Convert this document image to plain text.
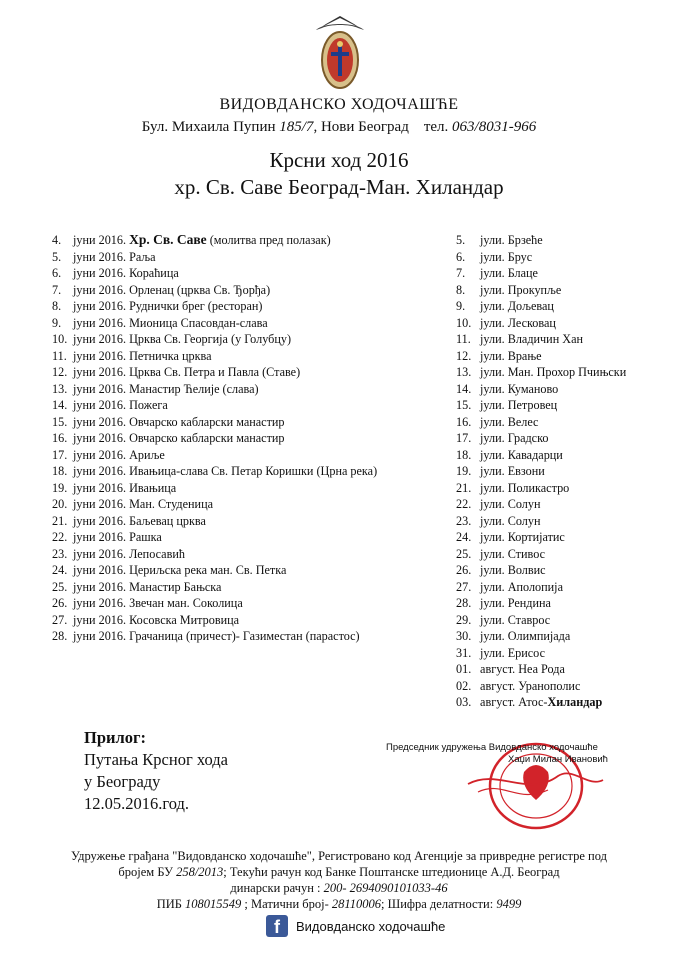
ВИДОВДАНСКО ХОДОЧАШЋЕ
Бул. Михаила Пупин 185/7, Нови Београд    тел. 063/8031-966
Крсни ход 2016
хр. Св. Саве Београд-Ман. Хиландар
4. јуни 2016. Хр. Св. Саве (молитва пред полазак)
5. јуни 2016. Раља
6. јуни 2016. Кораћица
7. јуни 2016. Орленац (црква Св. Ђорђа)
8. јуни 2016. Руднички брег (ресторан)
9. јуни 2016. Мионица Спасовдан-слава
10. јуни 2016. Црква Св. Георгија (у Голубцу)
11. јуни 2016. Петничка црква
12. јуни 2016. Црква Св. Петра и Павла (Ставе)
13. јуни 2016. Манастир Ћелије (слава)
14. јуни 2016. Пожега
15. јуни 2016. Овчарско кабларски манастир
16. јуни 2016. Овчарско кабларски манастир
17. јуни 2016. Ариље
18. јуни 2016. Ивањица-слава Св. Петар Коришки (Црна река)
19. јуни 2016. Ивањица
20. јуни 2016. Ман. Студеница
21. јуни 2016. Баљевац црква
22. јуни 2016. Рашка
23. јуни 2016. Лепосавић
24. јуни 2016. Цериљска река ман. Св. Петка
25. јуни 2016. Манастир Бањска
26. јуни 2016. Звечан ман. Соколица
27. јуни 2016. Косовска Митровица
28. јуни 2016. Грачаница (причест)- Газиместан (парастос)
5. јули. Брзеће
6. јули. Брус
7. јули. Блаце
8. јули. Прокупље
9. јули. Дољевац
10. јули. Лесковац
11. јули. Владичин Хан
12. јули. Врање
13. јули. Ман. Прохор Пчињски
14. јули. Куманово
15. јули. Петровец
16. јули. Велес
17. јули. Градско
18. јули. Кавадарци
19. јули. Евзони
21. јули. Поликастро
22. јули. Солун
23. јули. Солун
24. јули. Кортијатис
25. јули. Стивос
26. јули. Волвис
27. јули. Аполопија
28. јули. Рендина
29. јули. Ставрос
30. јули. Олимпијада
31. јули. Ерисос
01. август. Неа Рода
02. август. Уранополис
03. август. Атос-Хиландар
Прилог:
Путања Крсног хода
у Београду
12.05.2016.год.
Председник удружења Видовданско ходочашће
Хаџи Милан Ивановић
Удружење грађана "Видовданско ходочашће", Регистровано код Агенције за привредне регистре под
бројем БУ 258/2013; Текући рачун код Банке Поштанске штедионице А.Д. Београд
динарски рачун : 200- 2694090101033-46
ПИБ 108015549 ; Матични број- 28110006; Шифра делатности: 9499
f	Видовданско ходочашће
